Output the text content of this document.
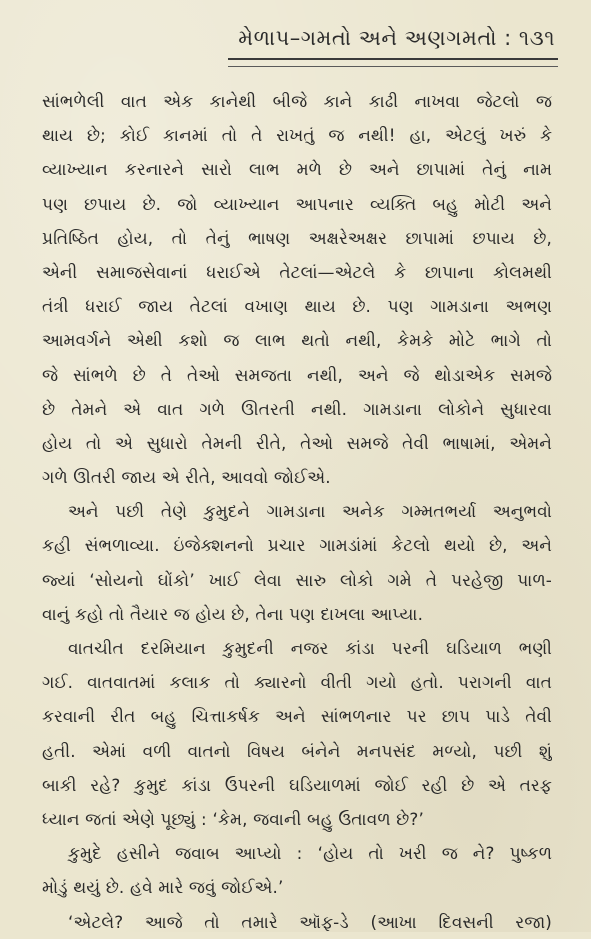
મેળાપ–ગમતો અને અણગમતો : ૧૩૧
સાંભળેલી વાત એક કાનેથી બીજે કાને કાઢી નાખવા જેટલો જ
થાય છે; કોઈ કાનમાં તો તે રાખતું જ નથી! હા, એટલું ખરું કે
વ્યાખ્યાન કરનારને સારો લાભ મળે છે અને છાપામાં તેનું નામ
પણ છપાય છે. જો વ્યાખ્યાન આપનાર વ્યક્તિ બહુ મોટી અને
પ્રતિષ્ઠિત હોય, તો તેનું ભાષણ અક્ષરેઅક્ષર છાપામાં છપાય છે,
એની સમાજસેવાનાં ધરાઈએ તેટલાં—એટલે કે છાપાના કોલમથી
તંત્રી ધરાઈ જાય તેટલાં વખાણ થાય છે. પણ ગામડાના અભણ
આમવર્ગને એથી કશો જ લાભ થતો નથી, કેમકે મોટે ભાગે તો
જે સાંભળે છે તે તેઓ સમજતા નથી, અને જે થોડાએક સમજે
છે તેમને એ વાત ગળે ઊતરતી નથી. ગામડાના લોકોને સુધારવા
હોય તો એ સુધારો તેમની રીતે, તેઓ સમજે તેવી ભાષામાં, એમને
ગળે ઊતરી જાય એ રીતે, આવવો જોઈએ.
અને પછી તેણે કુમુદને ગામડાના અનેક ગમ્મતભર્યા અનુભવો
કહી સંભળાવ્યા. ઇંજેક્શનનો પ્રચાર ગામડાંમાં કેટલો થયો છે, અને
જ્યાં ‘સોયનો ઘોંકો’ ખાઈ લેવા સારુ લોકો ગમે તે પરહેજી પાળ-
વાનું કહો તો તૈયાર જ હોય છે, તેના પણ દાખલા આપ્યા.
વાતચીત દરમિયાન કુમુદની નજર કાંડા પરની ઘડિયાળ ભણી
ગઈ. વાતવાતમાં કલાક તો ક્યારનો વીતી ગયો હતો. પરાગની વાત
કરવાની રીત બહુ ચિત્તાકર્ષક અને સાંભળનાર પર છાપ પાડે તેવી
હતી. એમાં વળી વાતનો વિષય બંનેને મનપસંદ મળ્યો, પછી શું
બાકી રહે? કુમુદ કાંડા ઉપરની ઘડિયાળમાં જોઈ રહી છે એ તરફ
ધ્યાન જતાં એણે પૂછ્યું : ‘કેમ, જવાની બહુ ઉતાવળ છે?’
કુમુદે હસીને જવાબ આપ્યો : ‘હોય તો ખરી જ ને? પુષ્કળ
મોડું થયું છે. હવે મારે જવું જોઈએ.’
‘એટલે? આજે તો તમારે ઑફ-ડે (આખા દિવસની રજા)
